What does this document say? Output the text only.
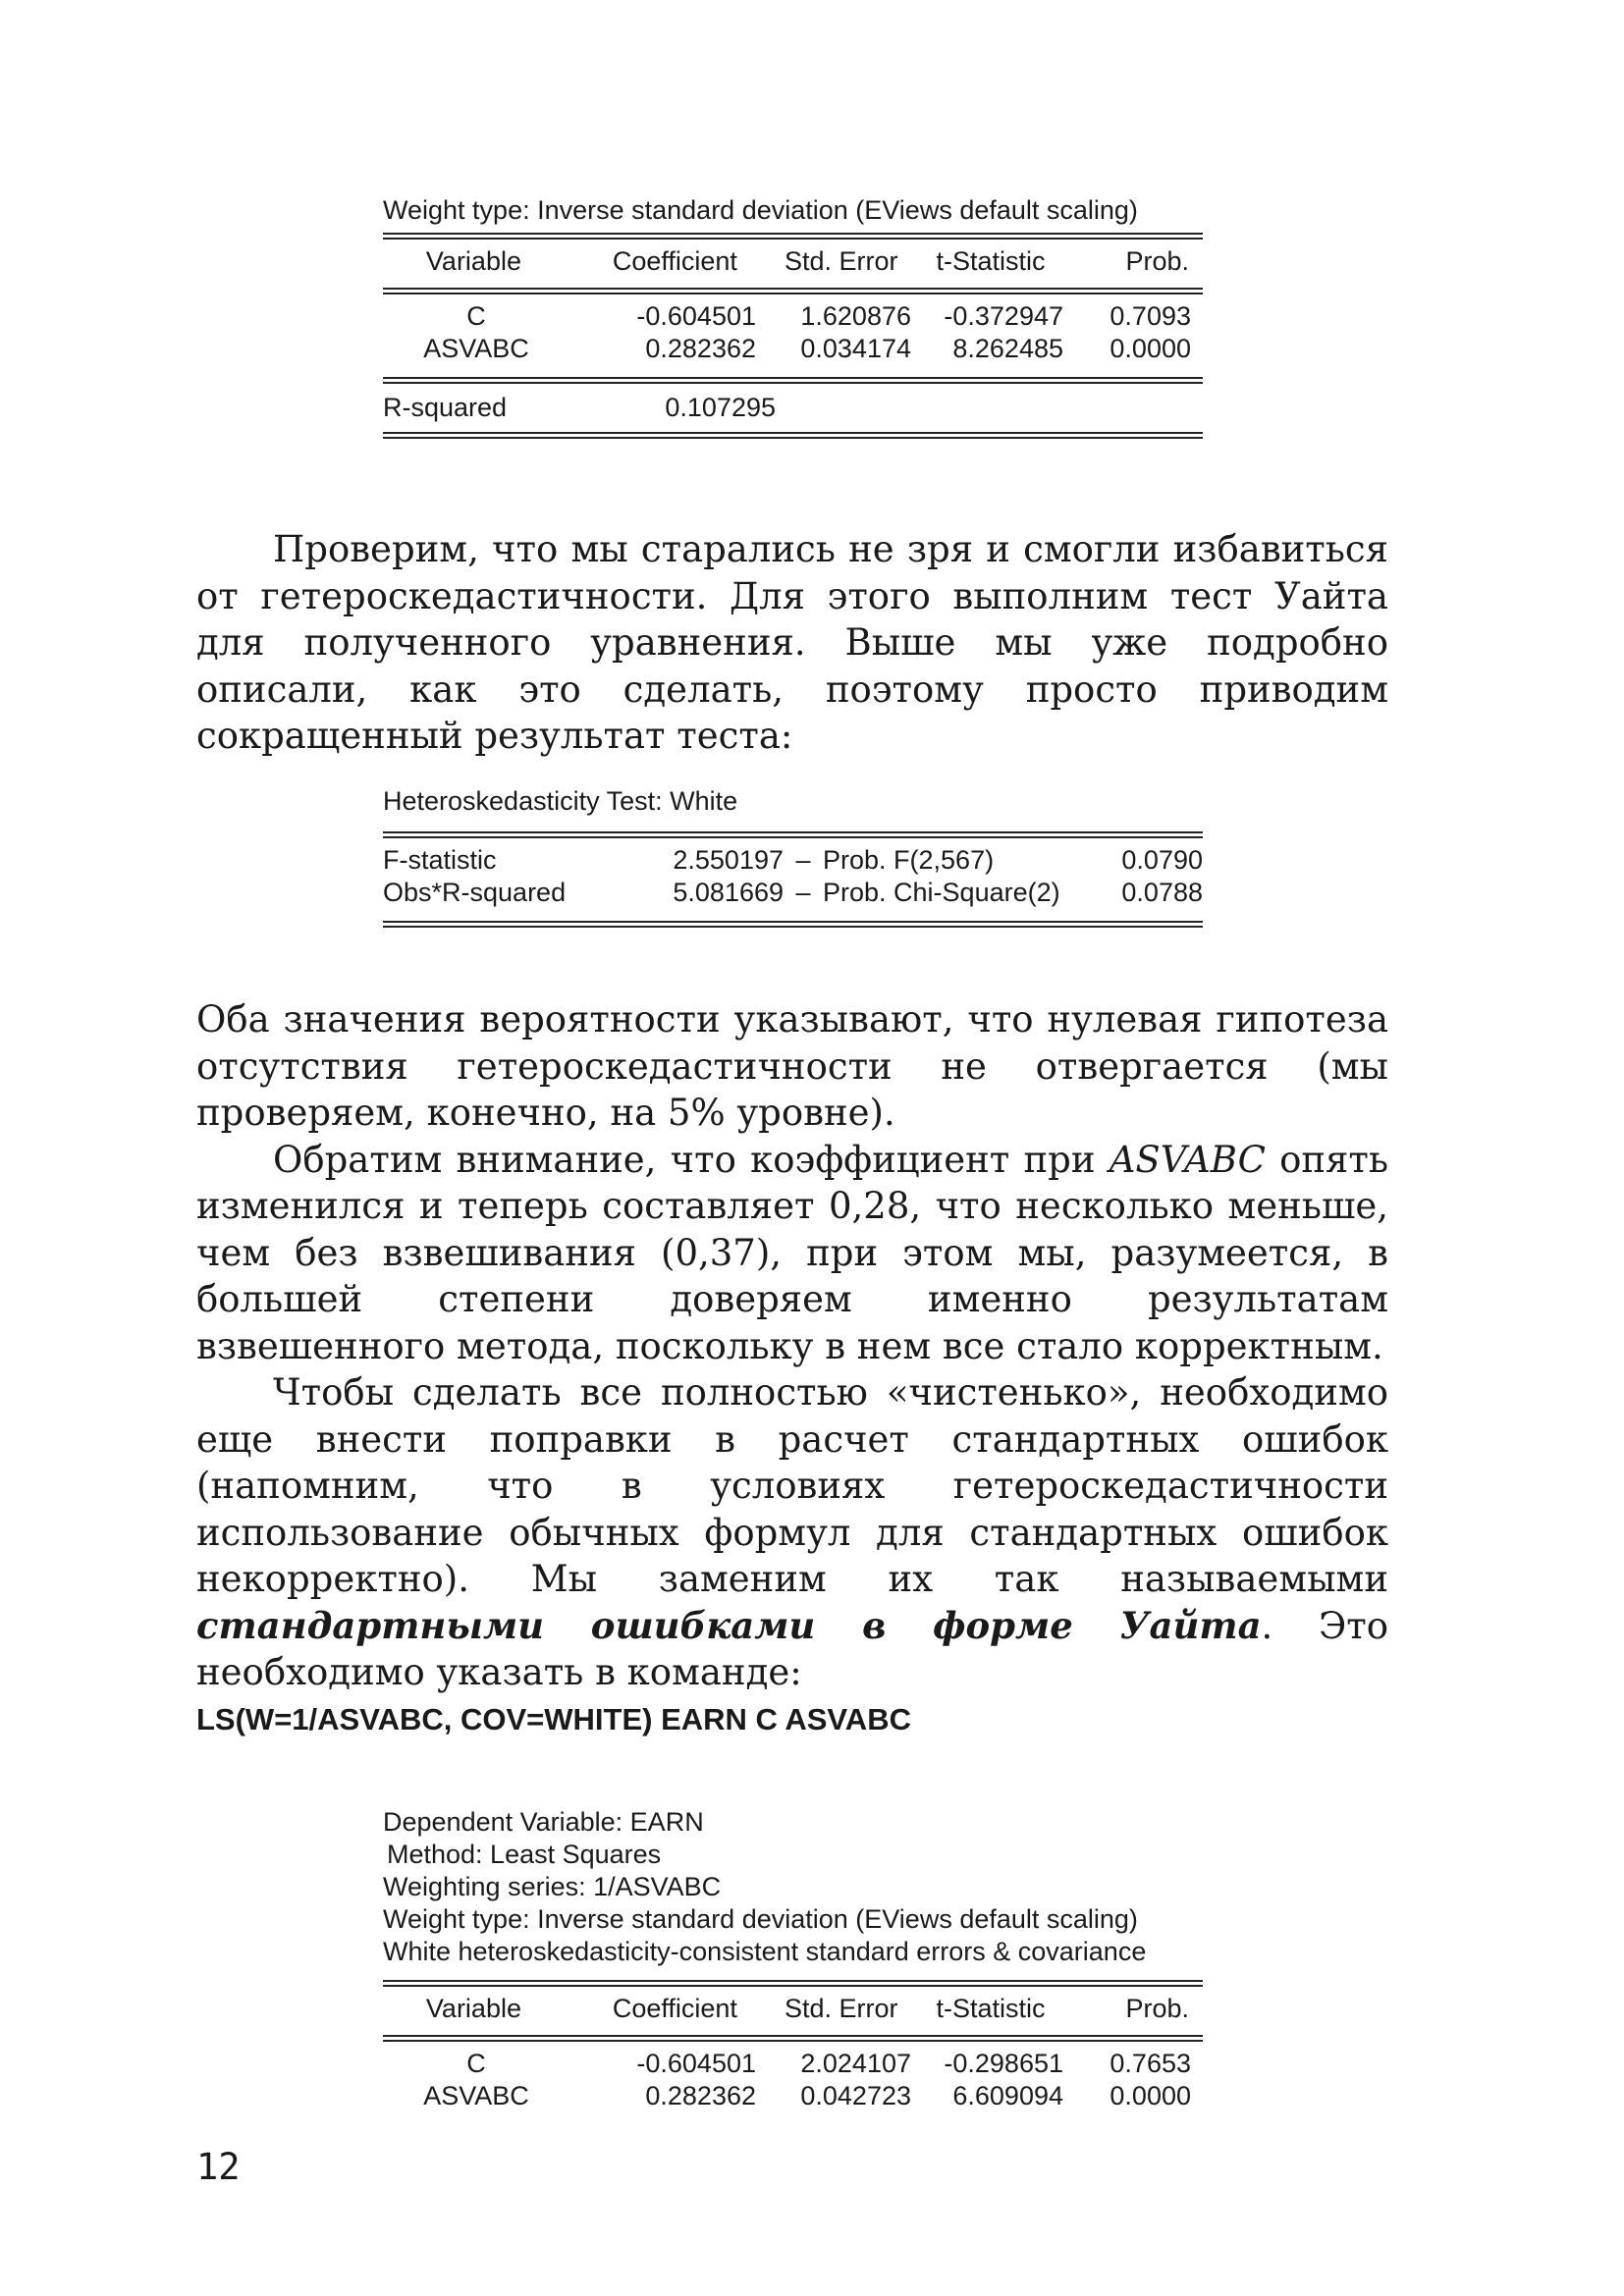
Weight type: Inverse standard deviation (EViews default scaling)
Variable	Coefficient	Std. Error	t-Statistic	Prob.
C	-0.604501	1.620876	-0.372947	0.7093
ASVABC	0.282362	0.034174	8.262485	0.0000
R-squared	0.107295

Проверим, что мы старались не зря и смогли избавиться от гетероскедастичности. Для этого выполним тест Уайта для полученного уравнения. Выше мы уже подробно описали, как это сделать, поэтому просто приводим сокращенный результат теста:

Heteroskedasticity Test: White
F-statistic	2.550197 – Prob. F(2,567)	0.0790
Obs*R-squared	5.081669 – Prob. Chi-Square(2)	0.0788

Оба значения вероятности указывают, что нулевая гипотеза отсутствия гетероскедастичности не отвергается (мы проверяем, конечно, на 5% уровне).

Обратим внимание, что коэффициент при ASVABC опять изменился и теперь составляет 0,28, что несколько меньше, чем без взвешивания (0,37), при этом мы, разумеется, в большей степени доверяем именно результатам взвешенного метода, поскольку в нем все стало корректным.

Чтобы сделать все полностью «чистенько», необходимо еще внести поправки в расчет стандартных ошибок (напомним, что в условиях гетероскедастичности использование обычных формул для стандартных ошибок некорректно). Мы заменим их так называемыми стандартными ошибками в форме Уайта. Это необходимо указать в команде:

LS(W=1/ASVABC, COV=WHITE) EARN C ASVABC
Dependent Variable: EARN
Method: Least Squares
Weighting series: 1/ASVABC
Weight type: Inverse standard deviation (EViews default scaling)
White heteroskedasticity-consistent standard errors & covariance
Variable	Coefficient	Std. Error	t-Statistic	Prob.
C	-0.604501	2.024107	-0.298651	0.7653
ASVABC	0.282362	0.042723	6.609094	0.0000
12
